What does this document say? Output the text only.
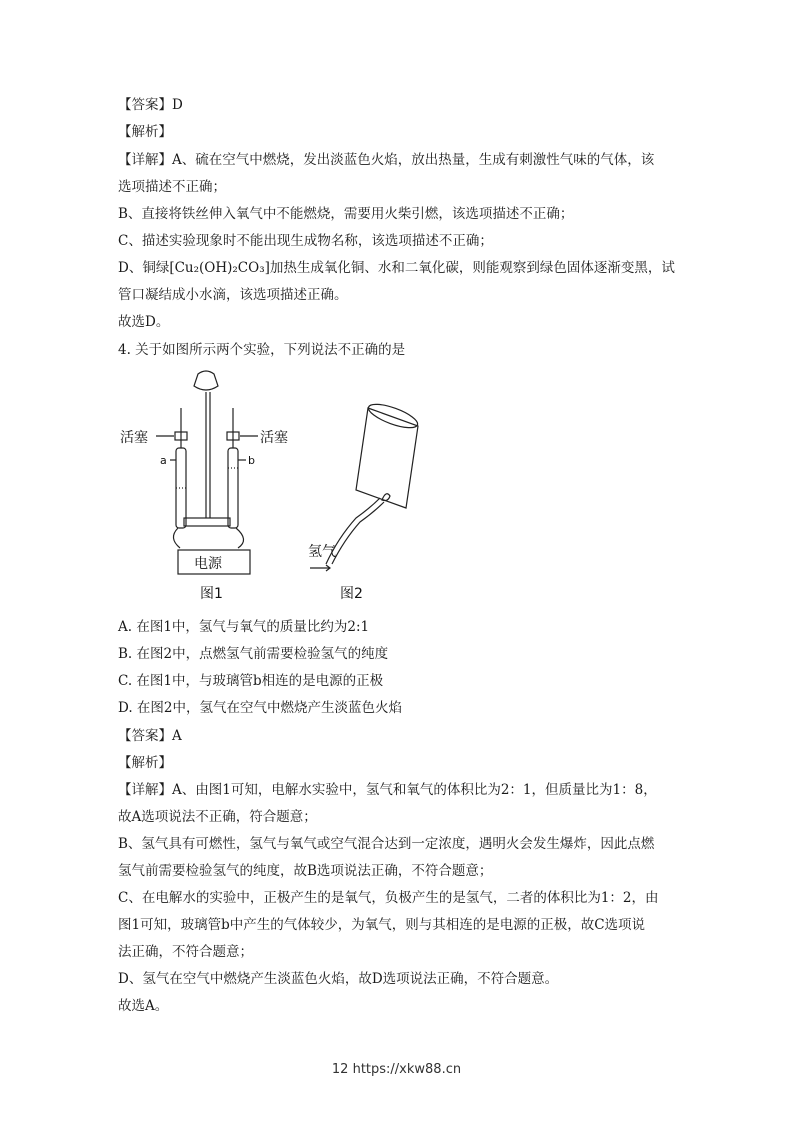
【答案】D
【解析】
【详解】A、硫在空气中燃烧，发出淡蓝色火焰，放出热量，生成有刺激性气味的气体，该
选项描述不正确；
B、直接将铁丝伸入氧气中不能燃烧，需要用火柴引燃，该选项描述不正确；
C、描述实验现象时不能出现生成物名称，该选项描述不正确；
D、铜绿[Cu₂(OH)₂CO₃]加热生成氧化铜、水和二氧化碳，则能观察到绿色固体逐渐变黑，试
管口凝结成小水滴，该选项描述正确。
故选D。
4. 关于如图所示两个实验，下列说法不正确的是
活塞	活塞
a	b
电源
图1
氢气
图2
A. 在图1中，氢气与氧气的质量比约为2:1
B. 在图2中，点燃氢气前需要检验氢气的纯度
C. 在图1中，与玻璃管b相连的是电源的正极
D. 在图2中，氢气在空气中燃烧产生淡蓝色火焰
【答案】A
【解析】
【详解】A、由图1可知，电解水实验中，氢气和氧气的体积比为2：1，但质量比为1：8，
故A选项说法不正确，符合题意；
B、氢气具有可燃性，氢气与氧气或空气混合达到一定浓度，遇明火会发生爆炸，因此点燃
氢气前需要检验氢气的纯度，故B选项说法正确，不符合题意；
C、在电解水的实验中，正极产生的是氧气，负极产生的是氢气，二者的体积比为1：2，由
图1可知，玻璃管b中产生的气体较少，为氧气，则与其相连的是电源的正极，故C选项说
法正确，不符合题意；
D、氢气在空气中燃烧产生淡蓝色火焰，故D选项说法正确，不符合题意。
故选A。
12 https://xkw88.cn
